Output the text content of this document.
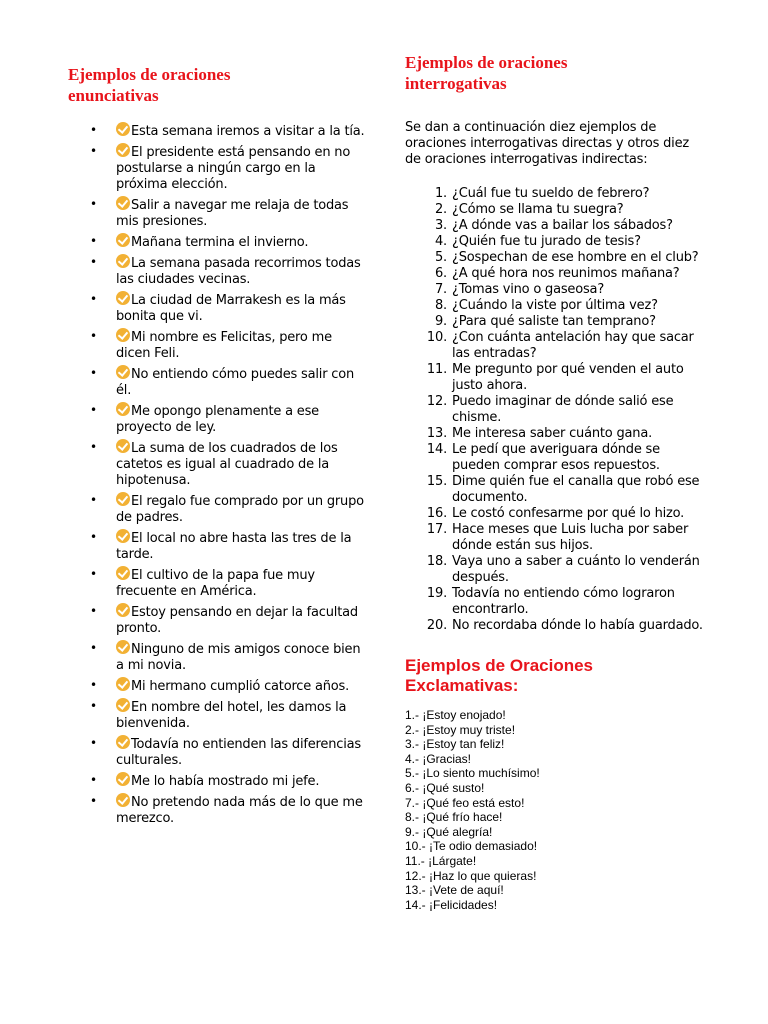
Ejemplos de oraciones
enunciativas
•	Esta semana iremos a visitar a la tía.
•	El presidente está pensando en no postularse a ningún cargo en la próxima elección.
•	Salir a navegar me relaja de todas mis presiones.
•	Mañana termina el invierno.
•	La semana pasada recorrimos todas las ciudades vecinas.
•	La ciudad de Marrakesh es la más bonita que vi.
•	Mi nombre es Felicitas, pero me dicen Feli.
•	No entiendo cómo puedes salir con él.
•	Me opongo plenamente a ese proyecto de ley.
•	La suma de los cuadrados de los catetos es igual al cuadrado de la hipotenusa.
•	El regalo fue comprado por un grupo de padres.
•	El local no abre hasta las tres de la tarde.
•	El cultivo de la papa fue muy frecuente en América.
•	Estoy pensando en dejar la facultad pronto.
•	Ninguno de mis amigos conoce bien a mi novia.
•	Mi hermano cumplió catorce años.
•	En nombre del hotel, les damos la bienvenida.
•	Todavía no entienden las diferencias culturales.
•	Me lo había mostrado mi jefe.
•	No pretendo nada más de lo que me merezco.
Ejemplos de oraciones
interrogativas

Se dan a continuación diez ejemplos de oraciones interrogativas directas y otros diez de oraciones interrogativas indirectas:

1. ¿Cuál fue tu sueldo de febrero?
2. ¿Cómo se llama tu suegra?
3. ¿A dónde vas a bailar los sábados?
4. ¿Quién fue tu jurado de tesis?
5. ¿Sospechan de ese hombre en el club?
6. ¿A qué hora nos reunimos mañana?
7. ¿Tomas vino o gaseosa?
8. ¿Cuándo la viste por última vez?
9. ¿Para qué saliste tan temprano?
10. ¿Con cuánta antelación hay que sacar las entradas?
11. Me pregunto por qué venden el auto justo ahora.
12. Puedo imaginar de dónde salió ese chisme.
13. Me interesa saber cuánto gana.
14. Le pedí que averiguara dónde se pueden comprar esos repuestos.
15. Dime quién fue el canalla que robó ese documento.
16. Le costó confesarme por qué lo hizo.
17. Hace meses que Luis lucha por saber dónde están sus hijos.
18. Vaya uno a saber a cuánto lo venderán después.
19. Todavía no entiendo cómo lograron encontrarlo.
20. No recordaba dónde lo había guardado.
Ejemplos de Oraciones
Exclamativas:
1.- ¡Estoy enojado!
2.- ¡Estoy muy triste!
3.- ¡Estoy tan feliz!
4.- ¡Gracias!
5.- ¡Lo siento muchísimo!
6.- ¡Qué susto!
7.- ¡Qué feo está esto!
8.- ¡Qué frío hace!
9.- ¡Qué alegría!
10.- ¡Te odio demasiado!
11.- ¡Lárgate!
12.- ¡Haz lo que quieras!
13.- ¡Vete de aquí!
14.- ¡Felicidades!
